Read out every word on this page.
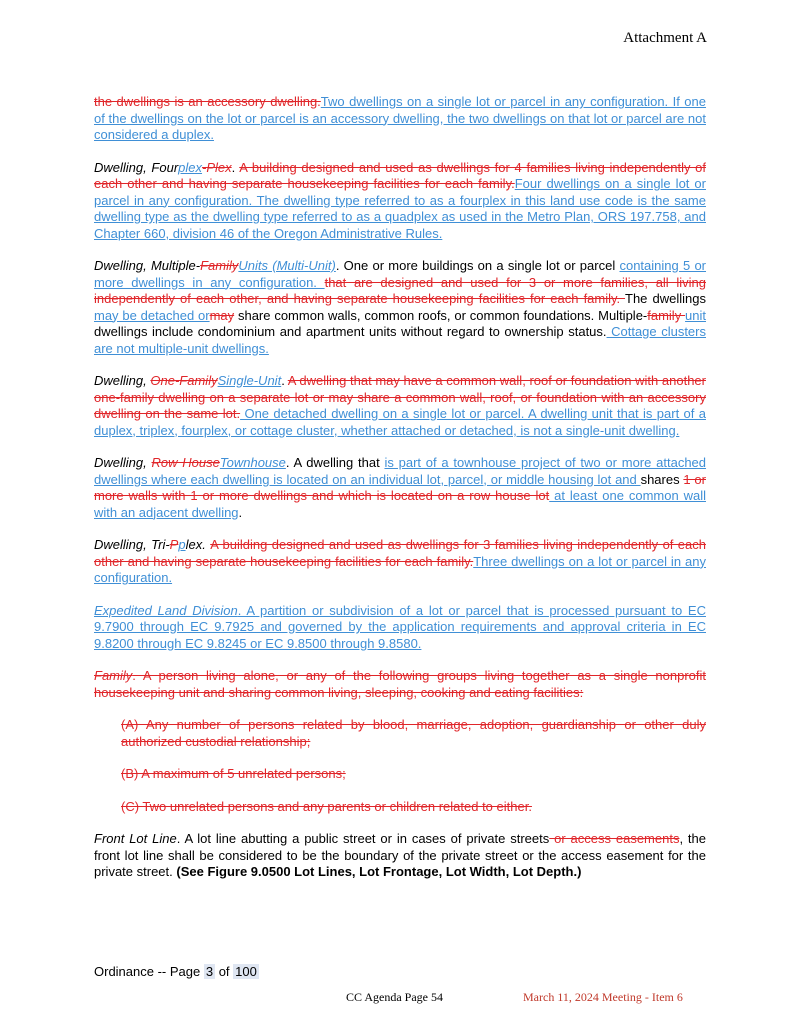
Attachment A

the dwellings is an accessory dwelling.Two dwellings on a single lot or parcel in any configuration. If one of the dwellings on the lot or parcel is an accessory dwelling, the two dwellings on that lot or parcel are not considered a duplex.

Dwelling, Fourplex-Plex. A building designed and used as dwellings for 4 families living independently of each other and having separate housekeeping facilities for each family.Four dwellings on a single lot or parcel in any configuration. The dwelling type referred to as a fourplex in this land use code is the same dwelling type as the dwelling type referred to as a quadplex as used in the Metro Plan, ORS 197.758, and Chapter 660, division 46 of the Oregon Administrative Rules.

Dwelling, Multiple-FamilyUnits (Multi-Unit). One or more buildings on a single lot or parcel containing 5 or more dwellings in any configuration. that are designed and used for 3 or more families, all living independently of each other, and having separate housekeeping facilities for each family. The dwellings may be detached ormay share common walls, common roofs, or common foundations. Multiple-family unit dwellings include condominium and apartment units without regard to ownership status. Cottage clusters are not multiple-unit dwellings.

Dwelling, One-FamilySingle-Unit. A dwelling that may have a common wall, roof or foundation with another one-family dwelling on a separate lot or may share a common wall, roof, or foundation with an accessory dwelling on the same lot. One detached dwelling on a single lot or parcel. A dwelling unit that is part of a duplex, triplex, fourplex, or cottage cluster, whether attached or detached, is not a single-unit dwelling.

Dwelling, Row HouseTownhouse. A dwelling that is part of a townhouse project of two or more attached dwellings where each dwelling is located on an individual lot, parcel, or middle housing lot and shares 1 or more walls with 1 or more dwellings and which is located on a row house lot at least one common wall with an adjacent dwelling.

Dwelling, Tri-Pplex. A building designed and used as dwellings for 3 families living independently of each other and having separate housekeeping facilities for each family.Three dwellings on a lot or parcel in any configuration.

Expedited Land Division. A partition or subdivision of a lot or parcel that is processed pursuant to EC 9.7900 through EC 9.7925 and governed by the application requirements and approval criteria in EC 9.8200 through EC 9.8245 or EC 9.8500 through 9.8580.

Family. A person living alone, or any of the following groups living together as a single nonprofit housekeeping unit and sharing common living, sleeping, cooking and eating facilities:

(A) Any number of persons related by blood, marriage, adoption, guardianship or other duly authorized custodial relationship;

(B) A maximum of 5 unrelated persons;

(C) Two unrelated persons and any parents or children related to either.

Front Lot Line. A lot line abutting a public street or in cases of private streets or access easements, the front lot line shall be considered to be the boundary of the private street or the access easement for the private street. (See Figure 9.0500 Lot Lines, Lot Frontage, Lot Width, Lot Depth.)

Ordinance -- Page 3 of 100
CC Agenda Page 54	March 11, 2024 Meeting - Item 6
